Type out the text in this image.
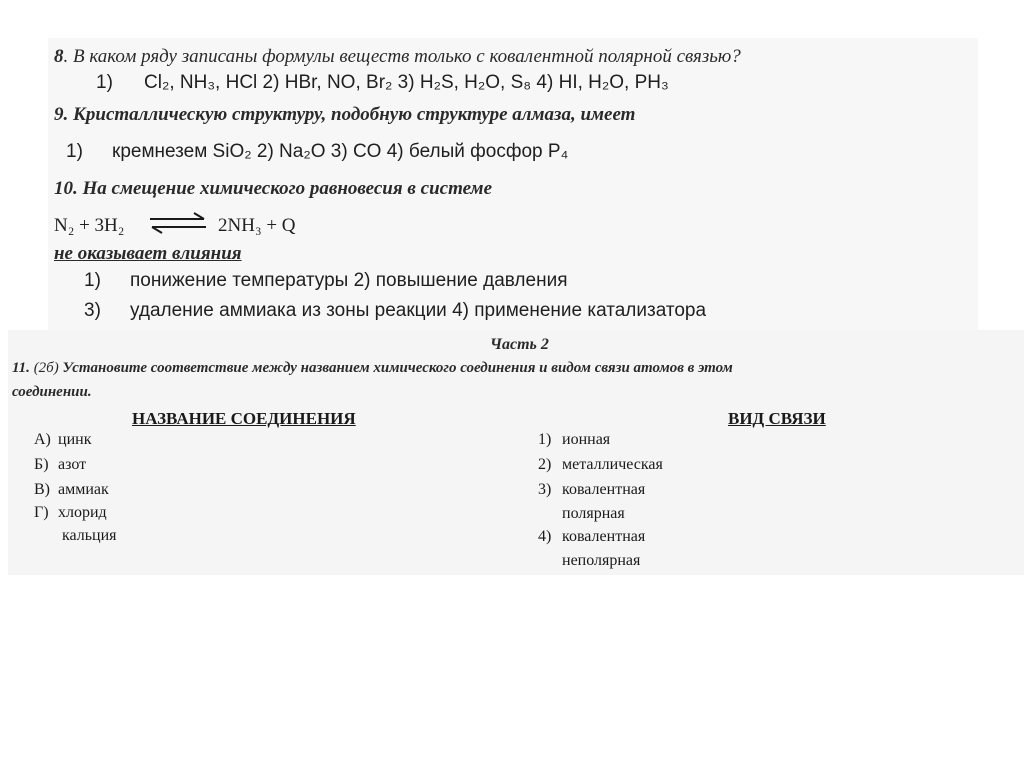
8. В каком ряду записаны формулы веществ только с ковалентной полярной связью?
1) Cl₂, NH₃, HCl 2) HBr, NO, Br₂ 3) H₂S, H₂O, S₈ 4) HI, H₂O, PH₃
9. Кристаллическую структуру, подобную структуре алмаза, имеет
1) кремнезем SiO₂ 2) Na₂O 3) CO 4) белый фосфор P₄
10. На смещение химического равновесия в системе
N₂ + 3H₂ ⇌ 2NH₃ + Q
не оказывает влияния
1) понижение температуры 2) повышение давления
3) удаление аммиака из зоны реакции 4) применение катализатора
Часть 2
11. (2б) Установите соответствие между названием химического соединения и видом связи атомов в этом
соединении.
НАЗВАНИЕ СОЕДИНЕНИЯ	ВИД СВЯЗИ
А) цинк
Б) азот
В) аммиак
Г) хлорид
кальция
1) ионная
2) металлическая
3) ковалентная
полярная
4) ковалентная
неполярная
